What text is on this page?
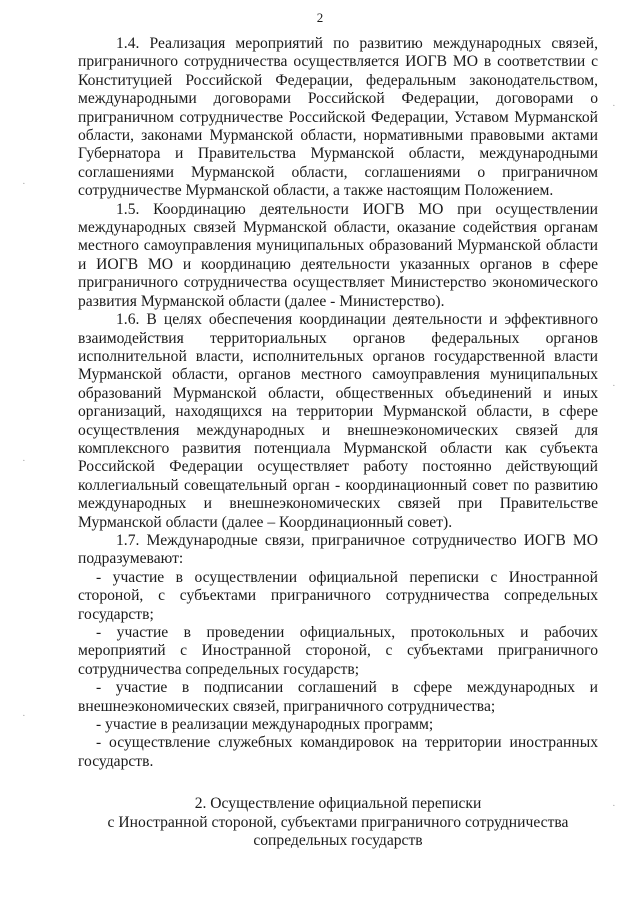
2
·
·
·
·
·
·

1.4. Реализация мероприятий по развитию международных связей, приграничного сотрудничества осуществляется ИОГВ МО в соответствии с Конституцией Российской Федерации, федеральным законодательством, международными договорами Российской Федерации, договорами о приграничном сотрудничестве Российской Федерации, Уставом Мурманской области, законами Мурманской области, нормативными правовыми актами Губернатора и Правительства Мурманской области, международными соглашениями Мурманской области, соглашениями о приграничном сотрудничестве Мурманской области, а также настоящим Положением.

1.5. Координацию деятельности ИОГВ МО при осуществлении международных связей Мурманской области, оказание содействия органам местного самоуправления муниципальных образований Мурманской области и ИОГВ МО и координацию деятельности указанных органов в сфере приграничного сотрудничества осуществляет Министерство экономического развития Мурманской области (далее - Министерство).

1.6. В целях обеспечения координации деятельности и эффективного взаимодействия территориальных органов федеральных органов исполнительной власти, исполнительных органов государственной власти Мурманской области, органов местного самоуправления муниципальных образований Мурманской области, общественных объединений и иных организаций, находящихся на территории Мурманской области, в сфере осуществления международных и внешнеэкономических связей для комплексного развития потенциала Мурманской области как субъекта Российской Федерации осуществляет работу постоянно действующий коллегиальный совещательный орган - координационный совет по развитию международных и внешнеэкономических связей при Правительстве Мурманской области (далее – Координационный совет).

1.7. Международные связи, приграничное сотрудничество ИОГВ МО подразумевают:

- участие в осуществлении официальной переписки с Иностранной стороной, с субъектами приграничного сотрудничества сопредельных государств;

- участие в проведении официальных, протокольных и рабочих мероприятий с Иностранной стороной, с субъектами приграничного сотрудничества сопредельных государств;

- участие в подписании соглашений в сфере международных и внешнеэкономических связей, приграничного сотрудничества;

- участие в реализации международных программ;

- осуществление служебных командировок на территории иностранных государств.

2. Осуществление официальной переписки
с Иностранной стороной, субъектами приграничного сотрудничества
сопредельных государств
